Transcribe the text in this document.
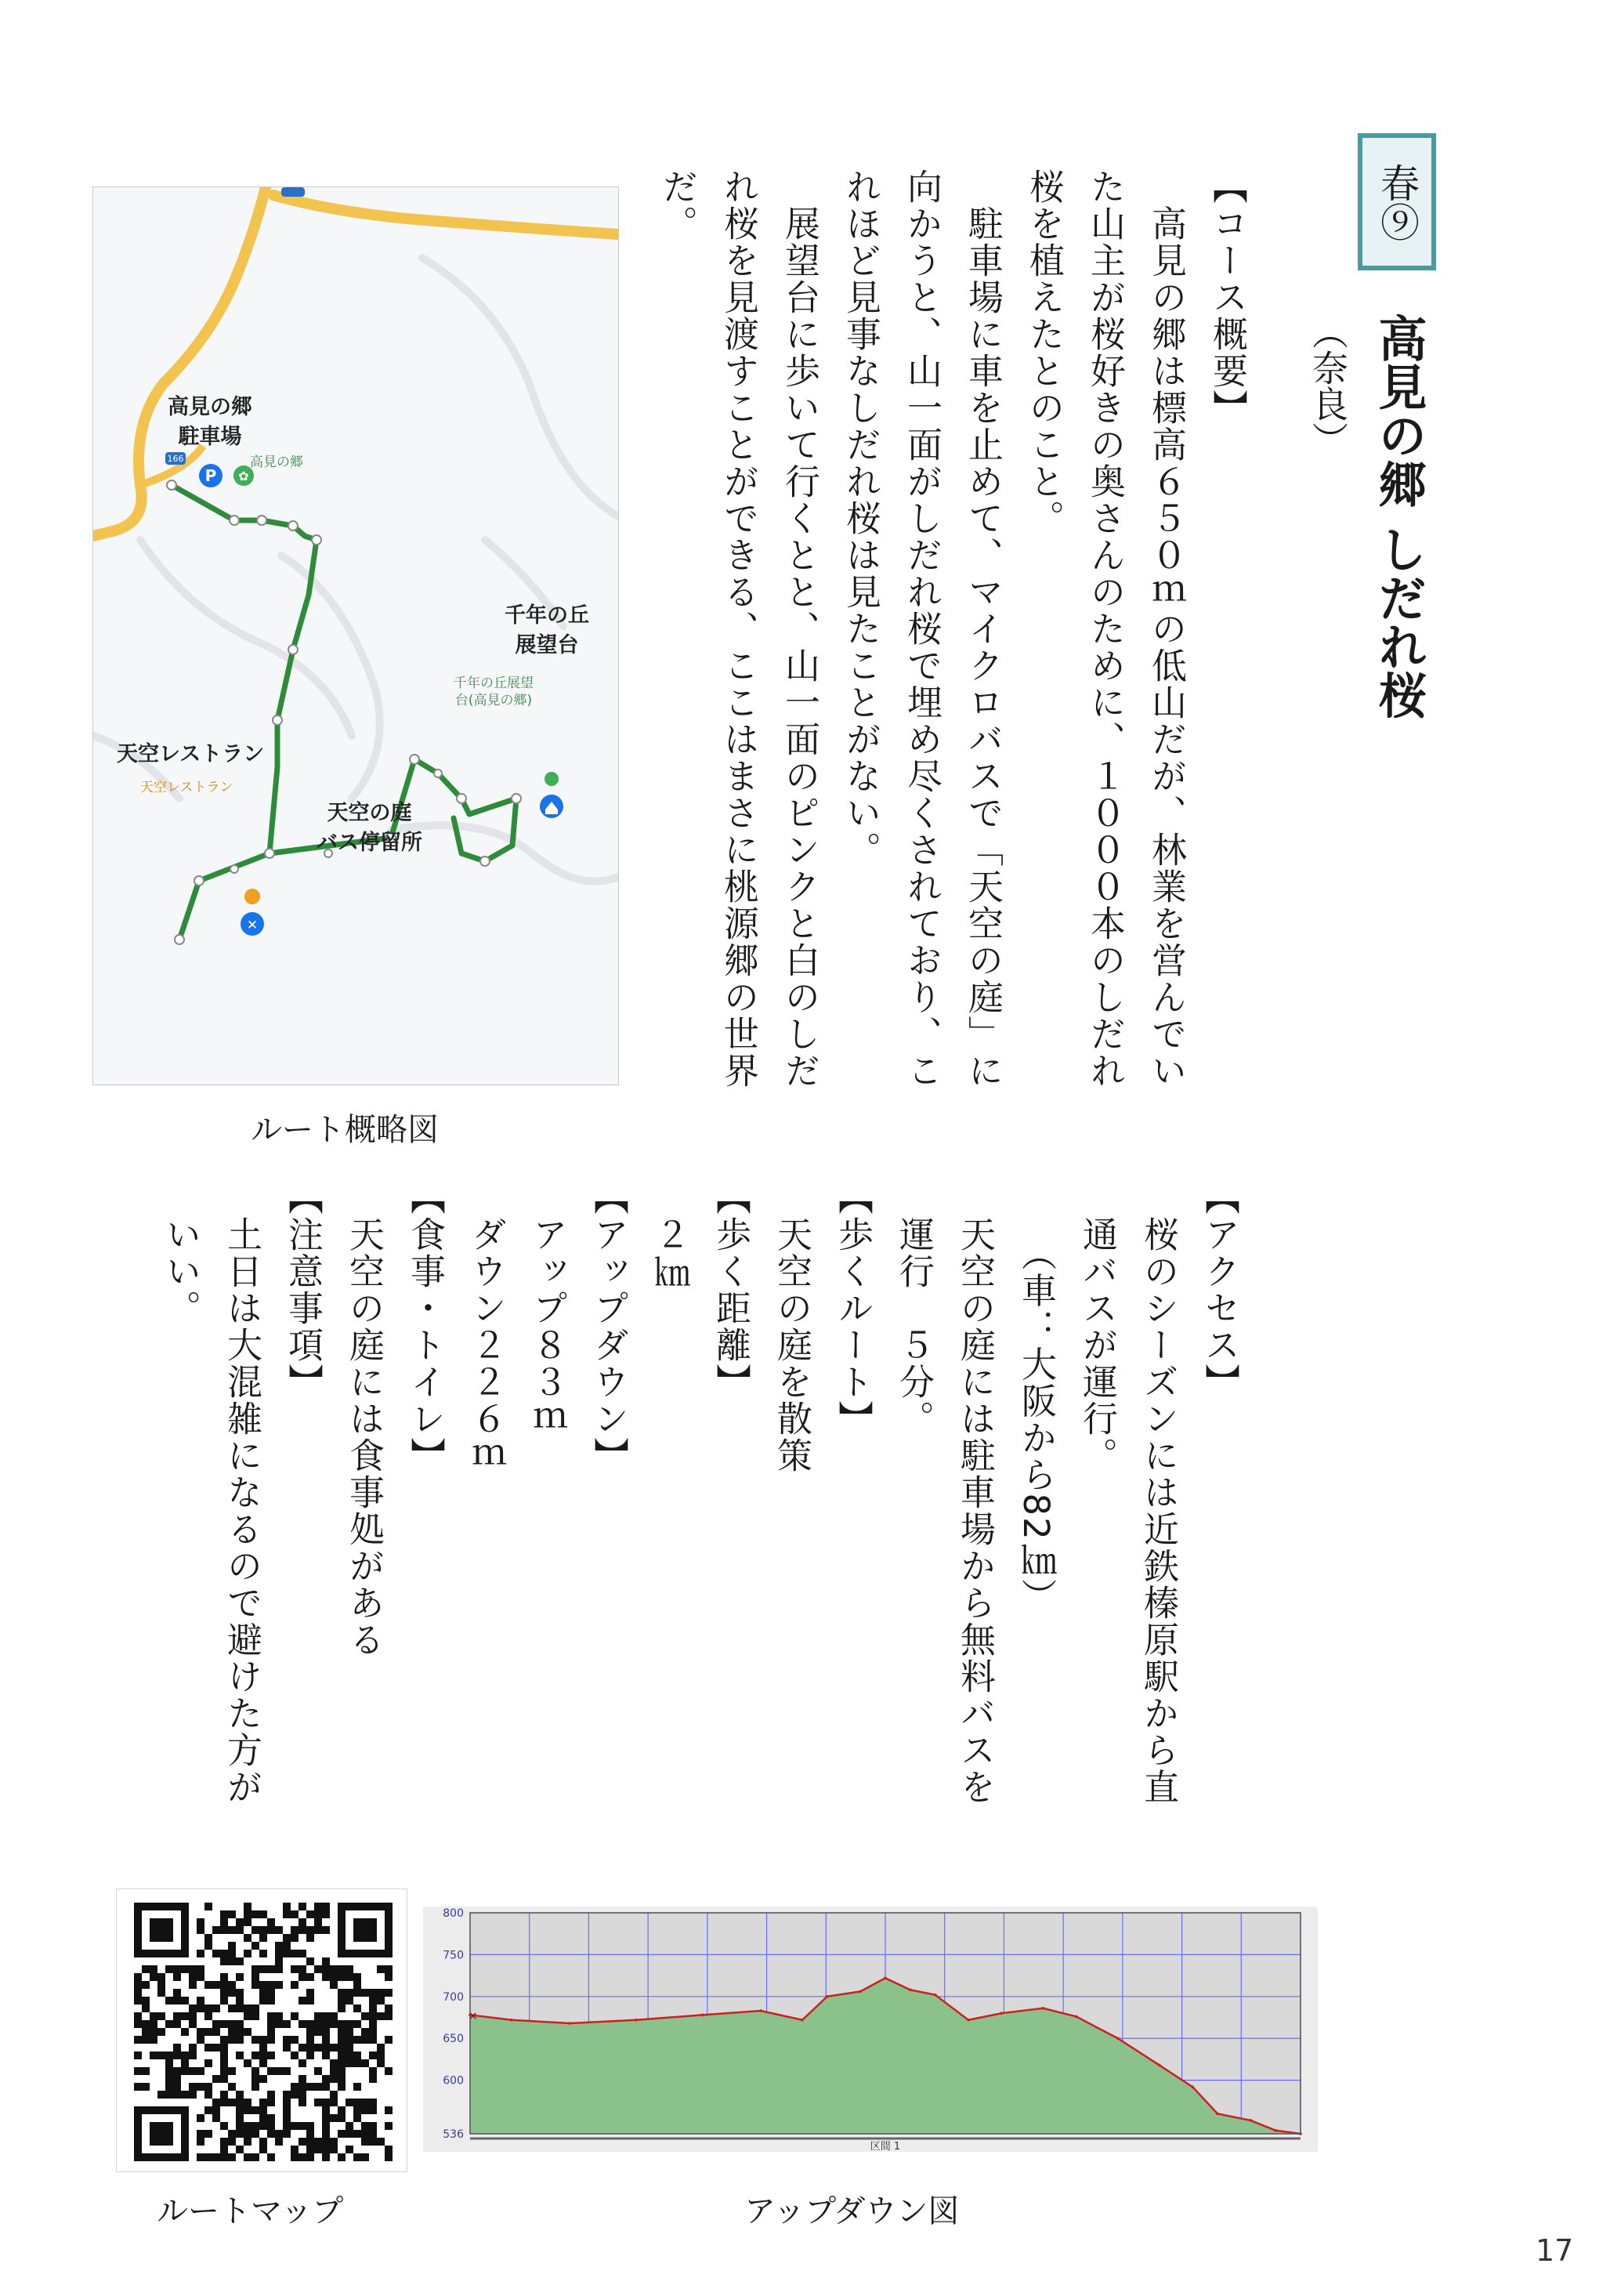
春⑨
高見の郷 しだれ桜（奈良）
【コース概要】
　高見の郷は標高６５０ｍの低山だが、林業を営んでいた山主が桜好きの奥さんのために、１０００本のしだれ桜を植えたとのこと。
　駐車場に車を止めて、マイクロバスで「天空の庭」に向かうと、山一面がしだれ桜で埋め尽くされており、これほど見事なしだれ桜は見たことがない。
　展望台に歩いて行くとと、山一面のピンクと白のしだれ桜を見渡すことができる、ここはまさに桃源郷の世界だ。
【アクセス】
　桜のシーズンには近鉄榛原駅から直
　通バスが運行。
　　（車：大阪から82㎞）
　天空の庭には駐車場から無料バスを
　運行　５分。
【歩くルート】
　天空の庭を散策
【歩く距離】
　２㎞
【アップダウン】
　アップ８３ｍ
　ダウン２２６ｍ
【食事・トイレ】
　天空の庭には食事処がある
【注意事項】
　土日は大混雑になるので避けた方が
　いい。
166
P ✿
✕
高見の郷
駐車場
千年の丘
展望台
天空レストラン
天空の庭
バス停留所
高見の郷
千年の丘展望
台(高見の郷)
天空レストラン
ルート概略図
ルートマップ
800
750
700
650
600
536
✕
区間 1
アップダウン図
17
